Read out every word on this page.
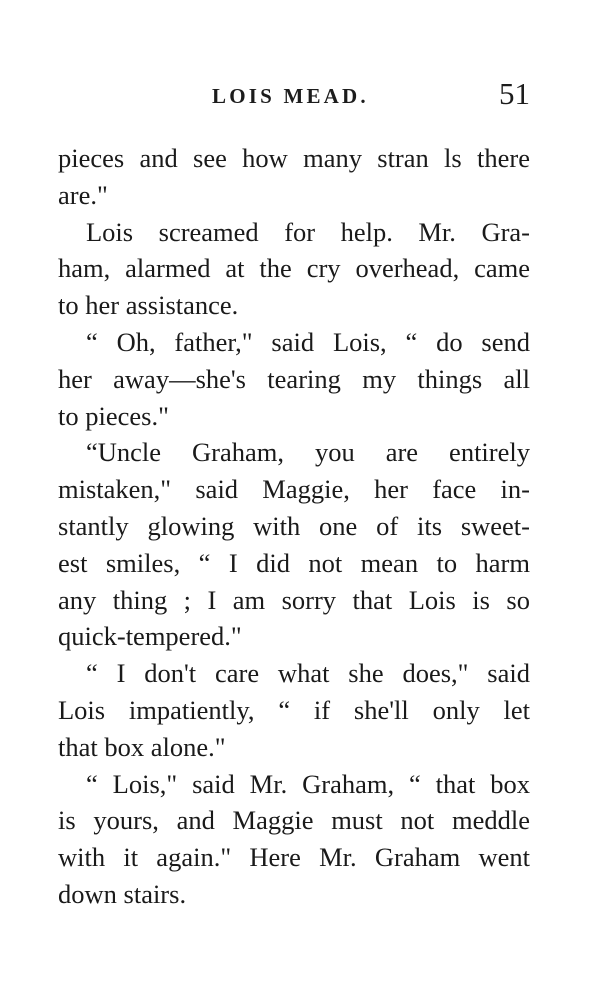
LOIS MEAD.	51
pieces and see how many stran ls there
are."
Lois screamed for help. Mr. Gra-
ham, alarmed at the cry overhead, came
to her assistance.
“ Oh, father," said Lois, “ do send
her away—she's tearing my things all
to pieces."
“Uncle Graham, you are entirely
mistaken," said Maggie, her face in-
stantly glowing with one of its sweet-
est smiles, “ I did not mean to harm
any thing ; I am sorry that Lois is so
quick-tempered."
“ I don't care what she does," said
Lois impatiently, “ if she'll only let
that box alone."
“ Lois," said Mr. Graham, “ that box
is yours, and Maggie must not meddle
with it again." Here Mr. Graham went
down stairs.
